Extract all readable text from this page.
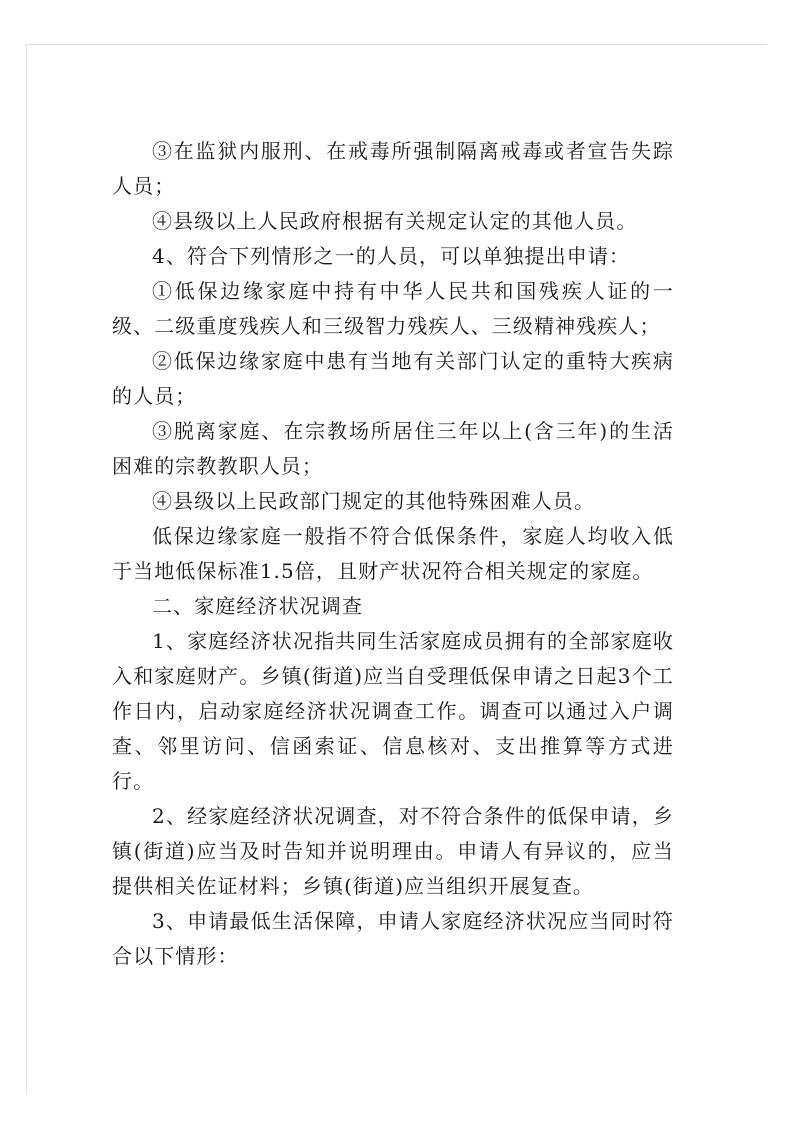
③在监狱内服刑、在戒毒所强制隔离戒毒或者宣告失踪人员；

④县级以上人民政府根据有关规定认定的其他人员。

4、符合下列情形之一的人员，可以单独提出申请：

①低保边缘家庭中持有中华人民共和国残疾人证的一级、二级重度残疾人和三级智力残疾人、三级精神残疾人；

②低保边缘家庭中患有当地有关部门认定的重特大疾病的人员；

③脱离家庭、在宗教场所居住三年以上(含三年)的生活困难的宗教教职人员；

④县级以上民政部门规定的其他特殊困难人员。

低保边缘家庭一般指不符合低保条件，家庭人均收入低于当地低保标准1.5倍，且财产状况符合相关规定的家庭。

二、家庭经济状况调查

1、家庭经济状况指共同生活家庭成员拥有的全部家庭收入和家庭财产。乡镇(街道)应当自受理低保申请之日起3个工作日内，启动家庭经济状况调查工作。调查可以通过入户调查、邻里访问、信函索证、信息核对、支出推算等方式进行。

2、经家庭经济状况调查，对不符合条件的低保申请，乡镇(街道)应当及时告知并说明理由。申请人有异议的，应当提供相关佐证材料；乡镇(街道)应当组织开展复查。

3、申请最低生活保障，申请人家庭经济状况应当同时符合以下情形：
